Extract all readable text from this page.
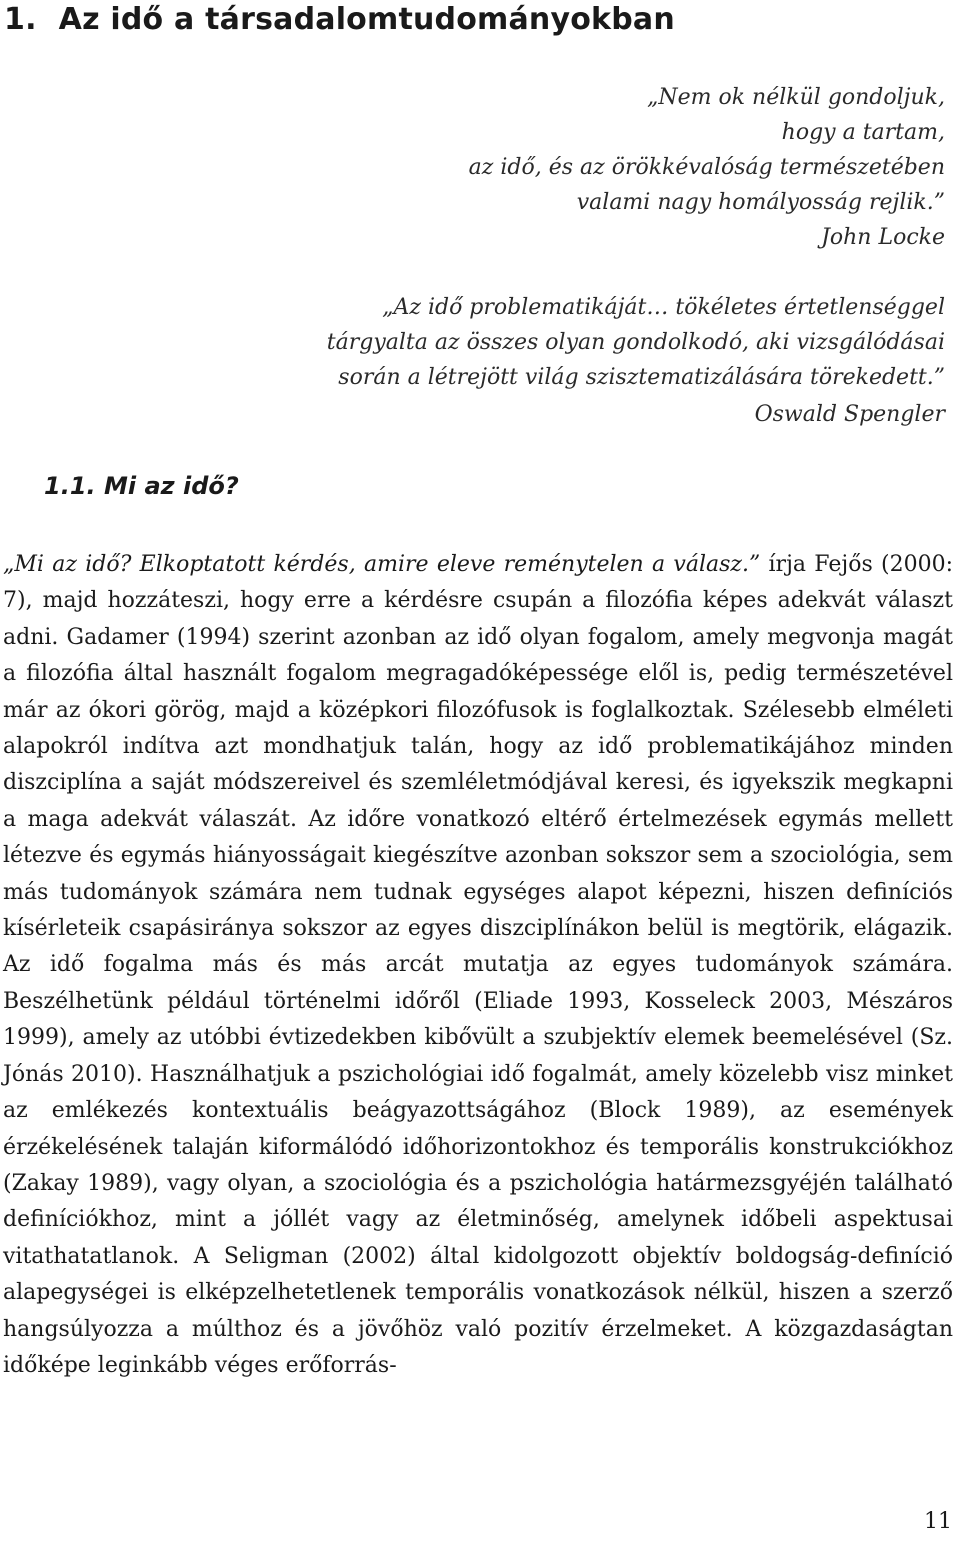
1. Az idő a társadalomtudományokban
„Nem ok nélkül gondoljuk,
hogy a tartam,
az idő, és az örökkévalóság természetében
valami nagy homályosság rejlik.”
John Locke
„Az idő problematikáját… tökéletes értetlenséggel
tárgyalta az összes olyan gondolkodó, aki vizsgálódásai
során a létrejött világ szisztematizálására törekedett.”
Oswald Spengler
1.1. Mi az idő?

„Mi az idő? Elkoptatott kérdés, amire eleve reménytelen a válasz.” írja Fejős (2000: 7), majd hozzáteszi, hogy erre a kérdésre csupán a filozófia képes adekvát választ adni. Gadamer (1994) szerint azonban az idő olyan fogalom, amely megvonja magát a filozófia által használt fogalom megragadóképessége elől is, pedig természetével már az ókori görög, majd a középkori filozófusok is foglalkoztak. Szélesebb elméleti alapokról indítva azt mondhatjuk talán, hogy az idő problematikájához minden diszciplína a saját módszereivel és szemléletmódjával keresi, és igyekszik megkapni a maga adekvát válaszát. Az időre vonatkozó eltérő értelmezések egymás mellett létezve és egymás hiányosságait kiegészítve azonban sokszor sem a szociológia, sem más tudományok számára nem tudnak egységes alapot képezni, hiszen definíciós kísérleteik csapásiránya sokszor az egyes diszciplínákon belül is megtörik, elágazik. Az idő fogalma más és más arcát mutatja az egyes tudományok számára. Beszélhetünk például történelmi időről (Eliade 1993, Kosseleck 2003, Mészáros 1999), amely az utóbbi évtizedekben kibővült a szubjektív elemek beemelésével (Sz. Jónás 2010). Használhatjuk a pszichológiai idő fogalmát, amely közelebb visz minket az emlékezés kontextuális beágyazottságához (Block 1989), az események érzékelésének talaján kiformálódó időhorizontokhoz és temporális konstrukciókhoz (Zakay 1989), vagy olyan, a szociológia és a pszichológia határmezsgyéjén található definíciókhoz, mint a jóllét vagy az életminőség, amelynek időbeli aspektusai vitathatatlanok. A Seligman (2002) által kidolgozott objektív boldogság-definíció alapegységei is elképzelhetetlenek temporális vonatkozások nélkül, hiszen a szerző hangsúlyozza a múlthoz és a jövőhöz való pozitív érzelmeket. A közgazdaságtan időképe leginkább véges erőforrás-

11
